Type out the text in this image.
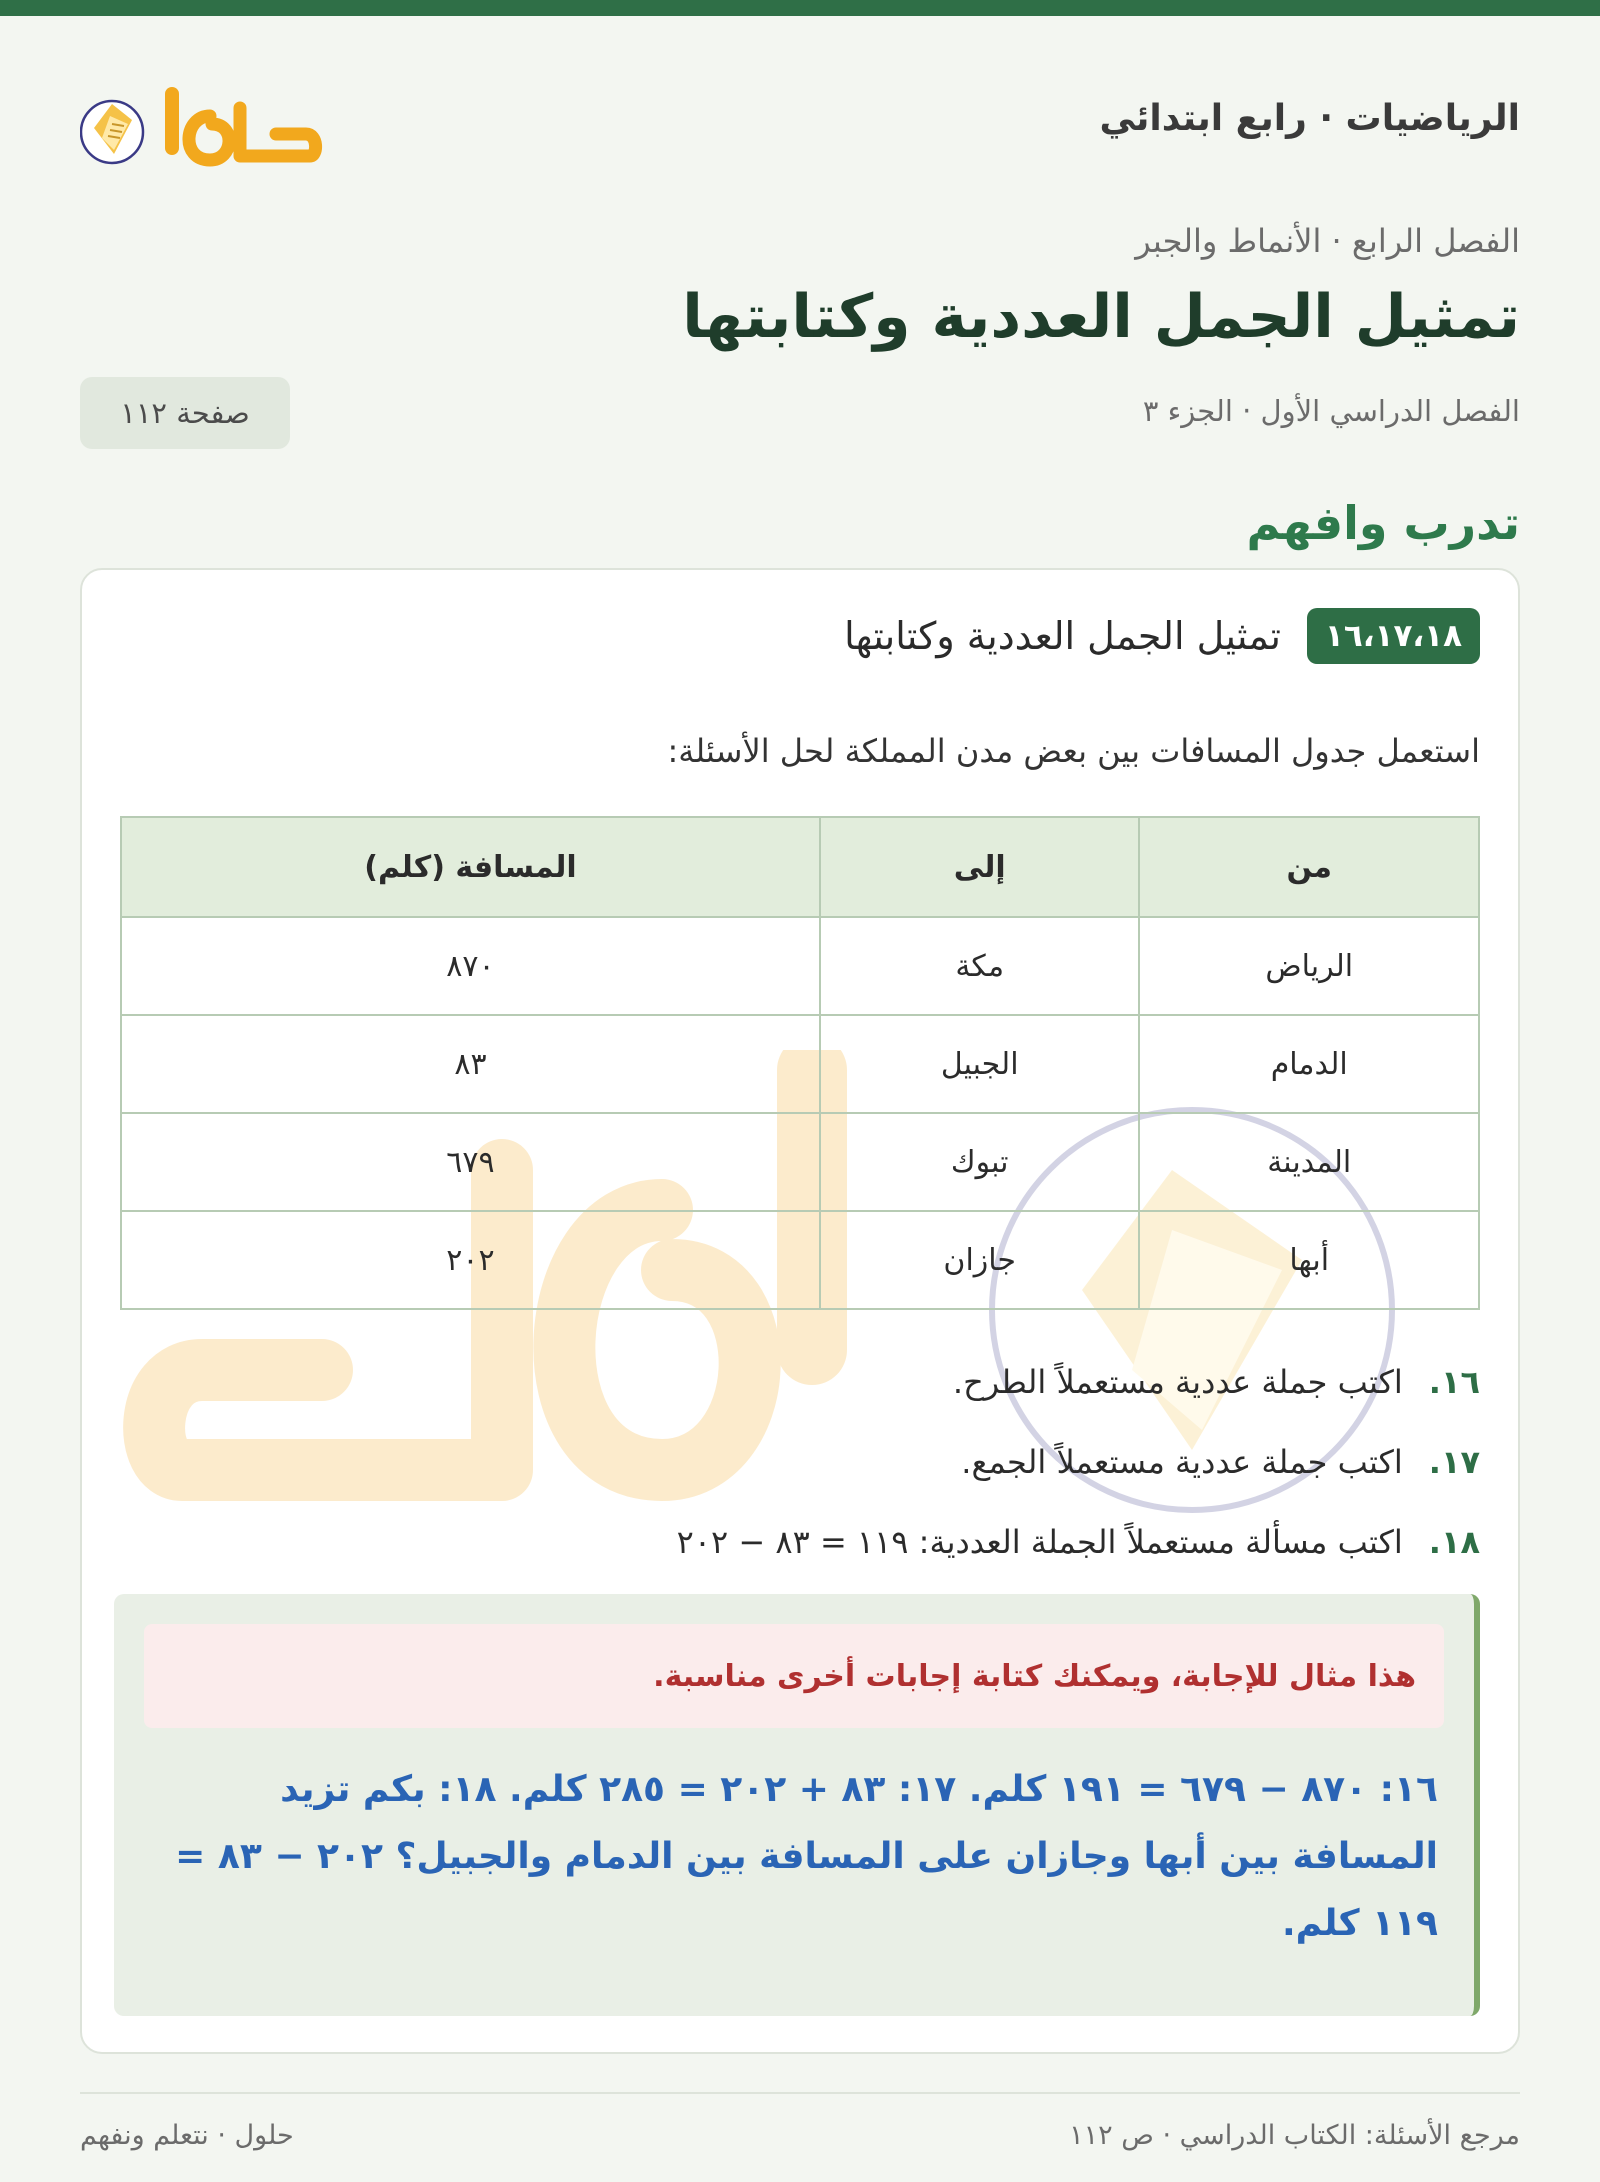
الرياضيات · رابع ابتدائي
الفصل الرابع · الأنماط والجبر
تمثيل الجمل العددية وكتابتها
الفصل الدراسي الأول · الجزء ٣
صفحة ١١٢
تدرب وافهم
١٦،١٧،١٨
تمثيل الجمل العددية وكتابتها
استعمل جدول المسافات بين بعض مدن المملكة لحل الأسئلة:
من	إلى	المسافة (كلم)
الرياض	مكة	٨٧٠
الدمام	الجبيل	٨٣
المدينة	تبوك	٦٧٩
أبها	جازان	٢٠٢
١٦.
اكتب جملة عددية مستعملاً الطرح.
١٧.
اكتب جملة عددية مستعملاً الجمع.
١٨.
اكتب مسألة مستعملاً الجملة العددية: ١١٩ = ٨٣ − ٢٠٢
هذا مثال للإجابة، ويمكنك كتابة إجابات أخرى مناسبة.

١٦: ٨٧٠ − ٦٧٩ = ١٩١ كلم. ١٧: ٨٣ + ٢٠٢ = ٢٨٥ كلم. ١٨: بكم تزيد المسافة بين أبها وجازان على المسافة بين الدمام والجبيل؟ ٢٠٢ − ٨٣ = ١١٩ كلم.

مرجع الأسئلة: الكتاب الدراسي · ص ١١٢
حلول · نتعلم ونفهم
